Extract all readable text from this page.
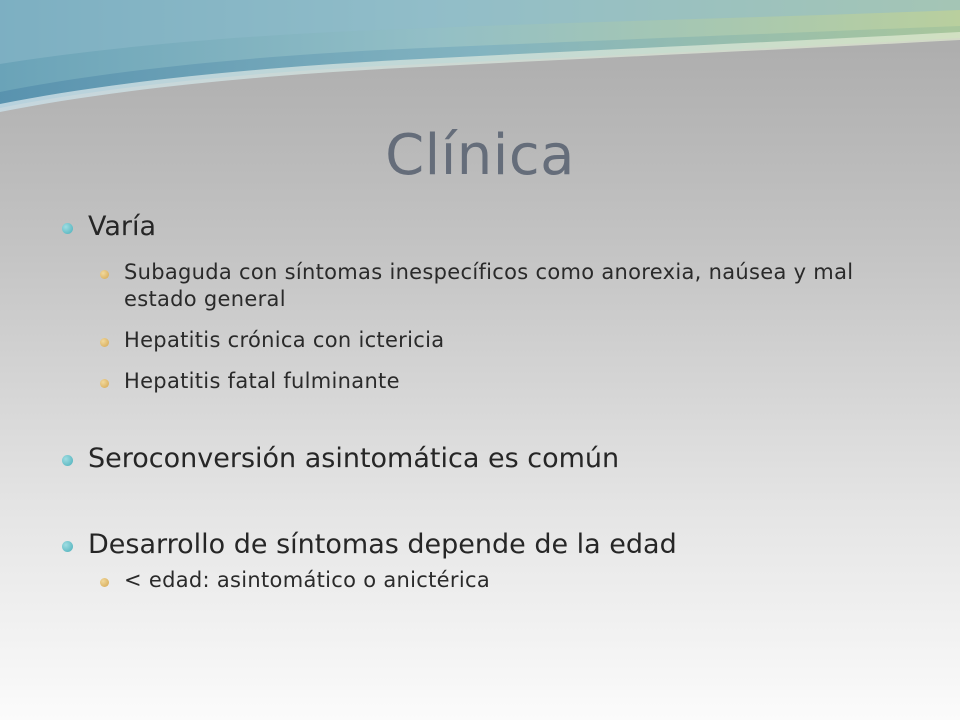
Clínica
Varía
Subaguda con síntomas inespecíficos como anorexia, naúsea y mal estado general
Hepatitis crónica con ictericia
Hepatitis fatal fulminante
Seroconversión asintomática es común
Desarrollo de síntomas depende de la edad
< edad: asintomático o anictérica
